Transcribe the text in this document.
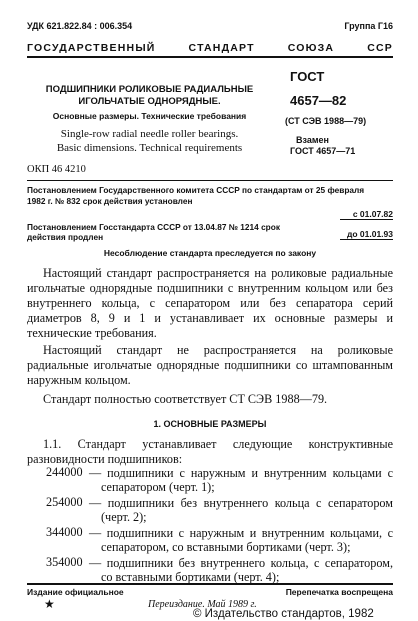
УДК 621.822.84 : 006.354	Группа Г16
ГОСУДАРСТВЕННЫЙ СТАНДАРТ СОЮЗА ССР
ПОДШИПНИКИ РОЛИКОВЫЕ РАДИАЛЬНЫЕ
ИГОЛЬЧАТЫЕ ОДНОРЯДНЫЕ.
Основные размеры. Технические требования
Single-row radial needle roller bearings.
Basic dimensions. Technical requirements
ОКП 46 4210
ГОСТ
4657—82
(СТ СЭВ 1988—79)
Взамен
ГОСТ 4657—71
Постановлением Государственного комитета СССР по стандартам от 25 февраля
1982 г. № 832 срок действия установлен
с 01.07.82
Постановлением Госстандарта СССР от 13.04.87 № 1214 срок
действия продлен	до 01.01.93
Несоблюдение стандарта преследуется по закону
Настоящий стандарт распространяется на роликовые радиальные игольчатые однорядные подшипники с внутренним кольцом или без внутреннего кольца, с сепаратором или без сепаратора серий диаметров 8, 9 и 1 и устанавливает их основные размеры и технические требования.
Настоящий стандарт не распространяется на роликовые радиальные игольчатые однорядные подшипники со штампованным наружным кольцом.
Стандарт полностью соответствует СТ СЭВ 1988—79.
1. ОСНОВНЫЕ РАЗМЕРЫ
1.1. Стандарт устанавливает следующие конструктивные разновидности подшипников:
244000 — подшипники с наружным и внутренним кольцами с
сепаратором (черт. 1);
254000 — подшипники без внутреннего кольца с сепаратором
(черт. 2);
344000 — подшипники с наружным и внутренним кольцами, с
сепаратором, со вставными бортиками (черт. 3);
354000 — подшипники без внутреннего кольца, с сепаратором,
со вставными бортиками (черт. 4);
Издание официальное	Перепечатка воспрещена
★	Переиздание. Май 1989 г.
© Издательство стандартов, 1982
